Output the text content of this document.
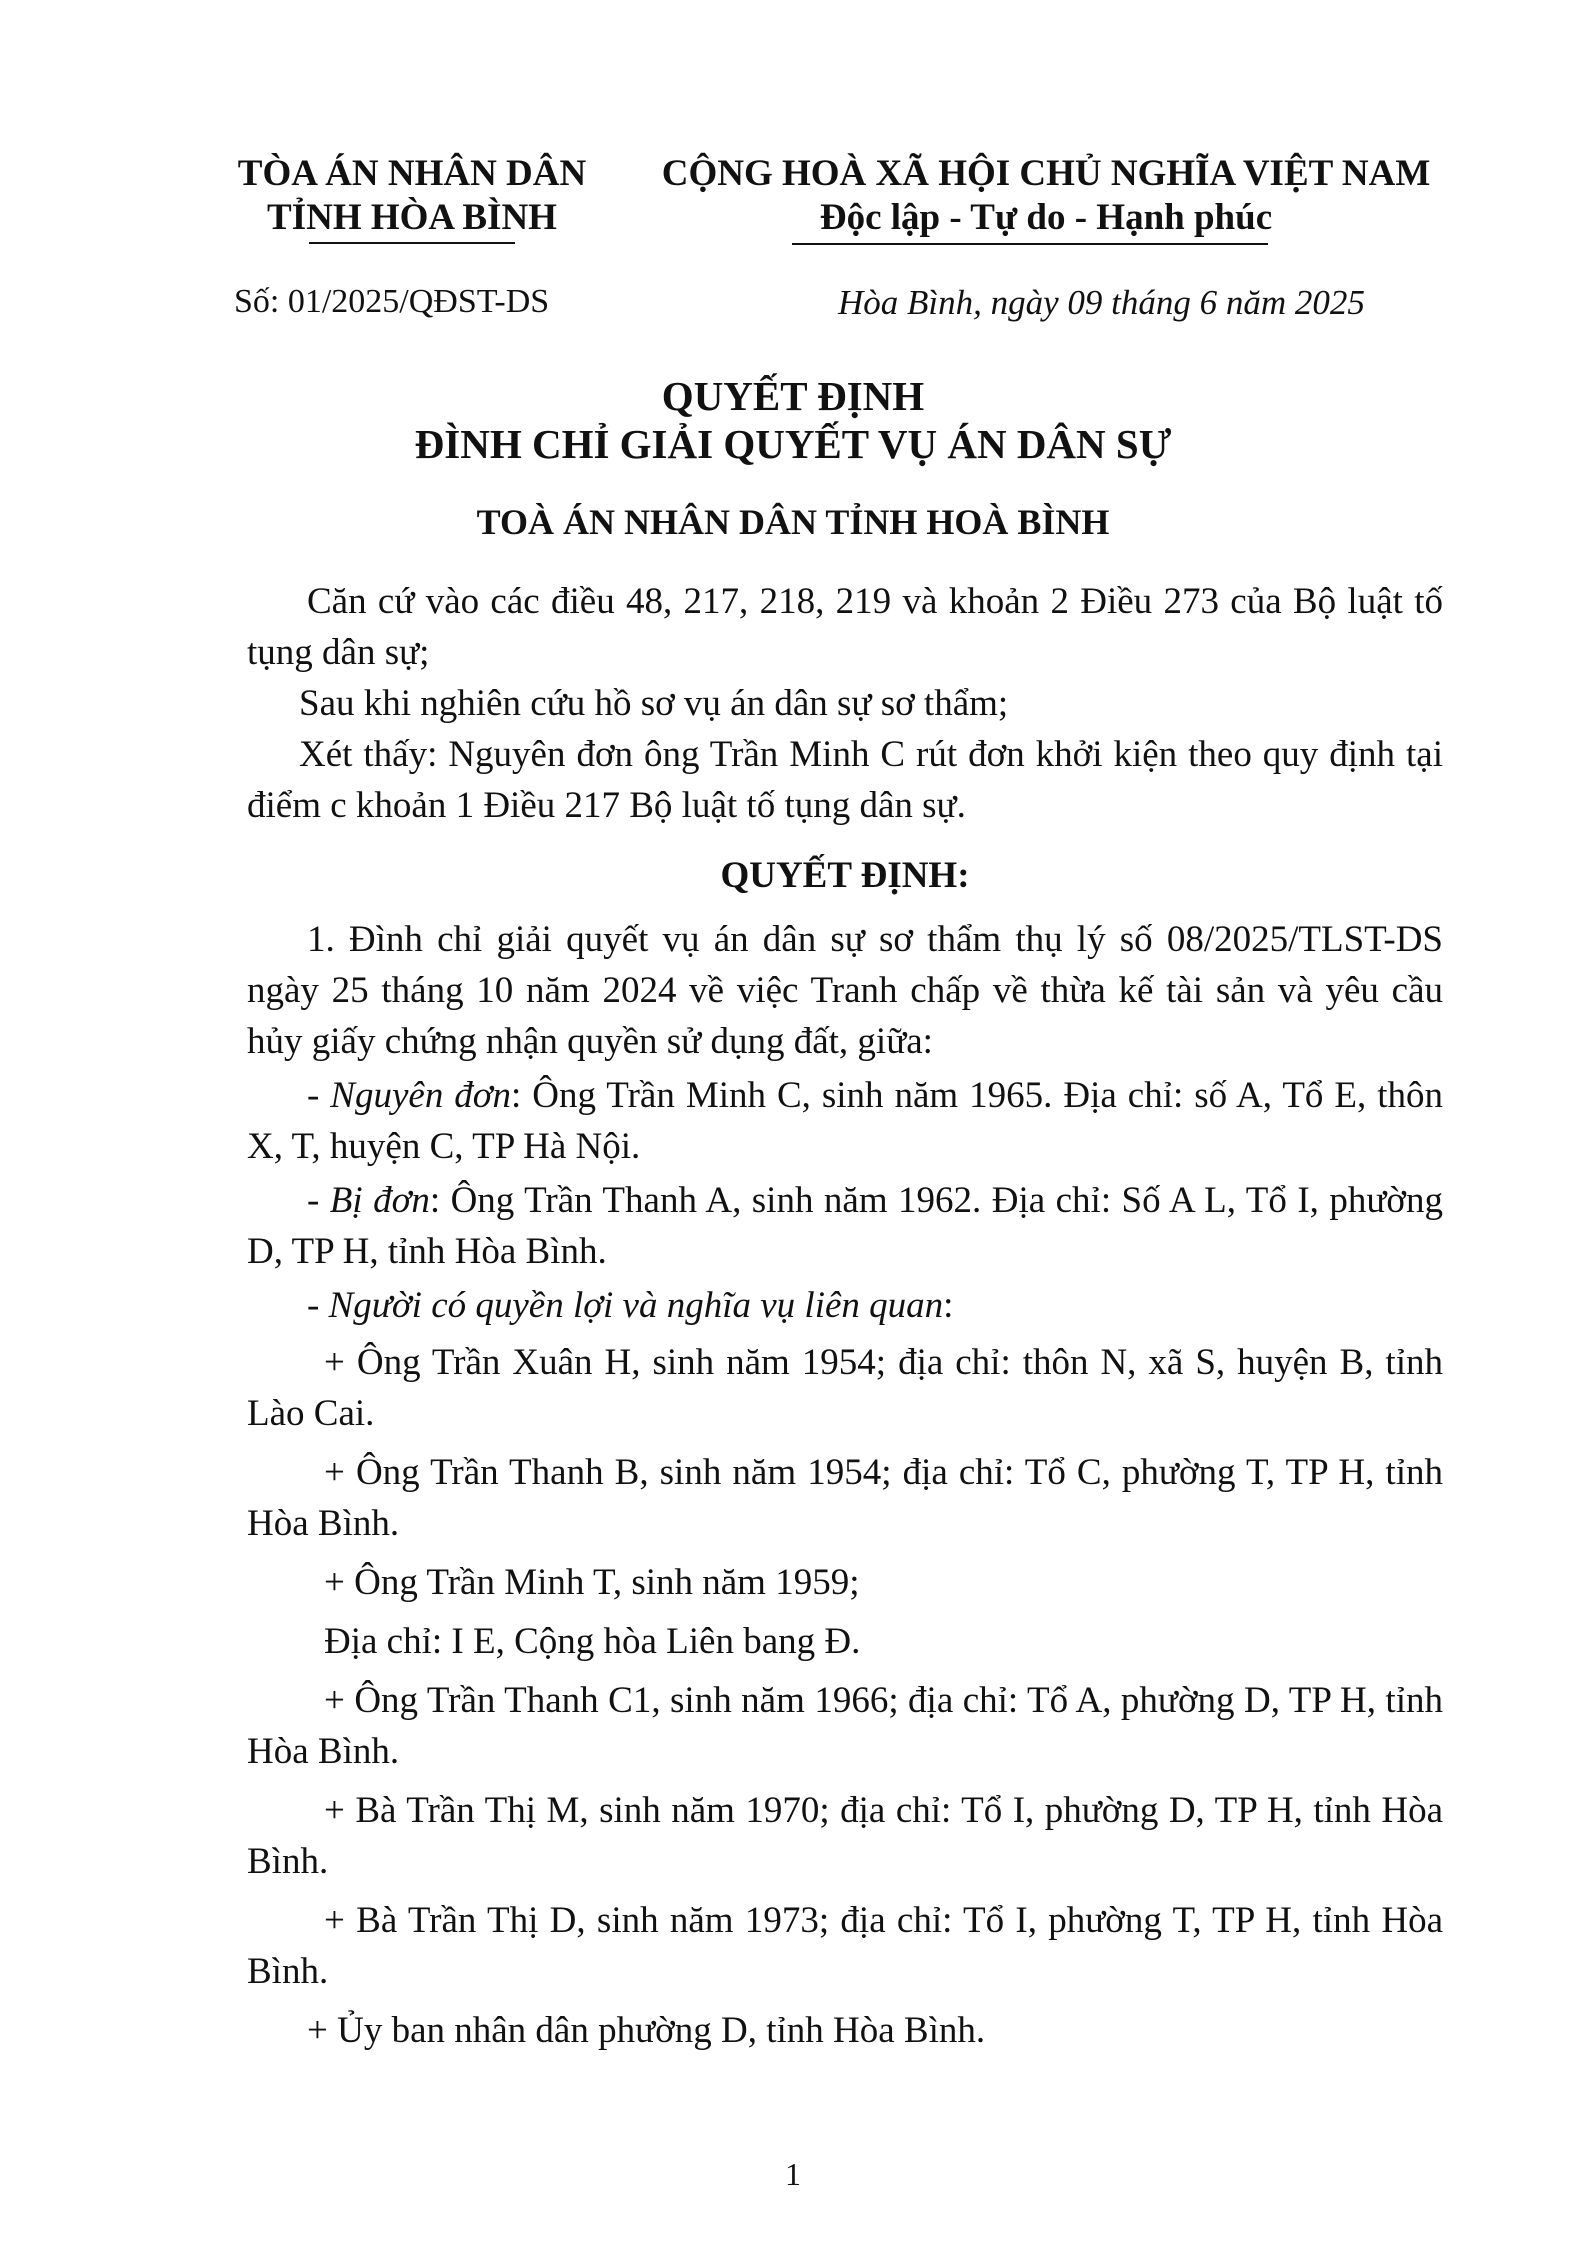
TÒA ÁN NHÂN DÂN
TỈNH HÒA BÌNH
CỘNG HOÀ XÃ HỘI CHỦ NGHĨA VIỆT NAM
Độc lập - Tự do - Hạnh phúc
Số: 01/2025/QĐST-DS	Hòa Bình, ngày 09 tháng 6 năm 2025
QUYẾT ĐỊNH
ĐÌNH CHỈ GIẢI QUYẾT VỤ ÁN DÂN SỰ
TOÀ ÁN NHÂN DÂN TỈNH HOÀ BÌNH

Căn cứ vào các điều 48, 217, 218, 219 và khoản 2 Điều 273 của Bộ luật tố tụng dân sự;

Sau khi nghiên cứu hồ sơ vụ án dân sự sơ thẩm;

Xét thấy: Nguyên đơn ông Trần Minh C rút đơn khởi kiện theo quy định tại điểm c khoản 1 Điều 217 Bộ luật tố tụng dân sự.

QUYẾT ĐỊNH:

1. Đình chỉ giải quyết vụ án dân sự sơ thẩm thụ lý số 08/2025/TLST-DS ngày 25 tháng 10 năm 2024 về việc Tranh chấp về thừa kế tài sản và yêu cầu hủy giấy chứng nhận quyền sử dụng đất, giữa:

- Nguyên đơn: Ông Trần Minh C, sinh năm 1965. Địa chỉ: số A, Tổ E, thôn X, T, huyện C, TP Hà Nội.

- Bị đơn: Ông Trần Thanh A, sinh năm 1962. Địa chỉ: Số A L, Tổ I, phường D, TP H, tỉnh Hòa Bình.

- Người có quyền lợi và nghĩa vụ liên quan:

+ Ông Trần Xuân H, sinh năm 1954; địa chỉ: thôn N, xã S, huyện B, tỉnh Lào Cai.

+ Ông Trần Thanh B, sinh năm 1954; địa chỉ: Tổ C, phường T, TP H, tỉnh Hòa Bình.

+ Ông Trần Minh T, sinh năm 1959;

Địa chỉ: I E, Cộng hòa Liên bang Đ.

+ Ông Trần Thanh C1, sinh năm 1966; địa chỉ: Tổ A, phường D, TP H, tỉnh Hòa Bình.

+ Bà Trần Thị M, sinh năm 1970; địa chỉ: Tổ I, phường D, TP H, tỉnh Hòa Bình.

+ Bà Trần Thị D, sinh năm 1973; địa chỉ: Tổ I, phường T, TP H, tỉnh Hòa Bình.

+ Ủy ban nhân dân phường D, tỉnh Hòa Bình.

1
